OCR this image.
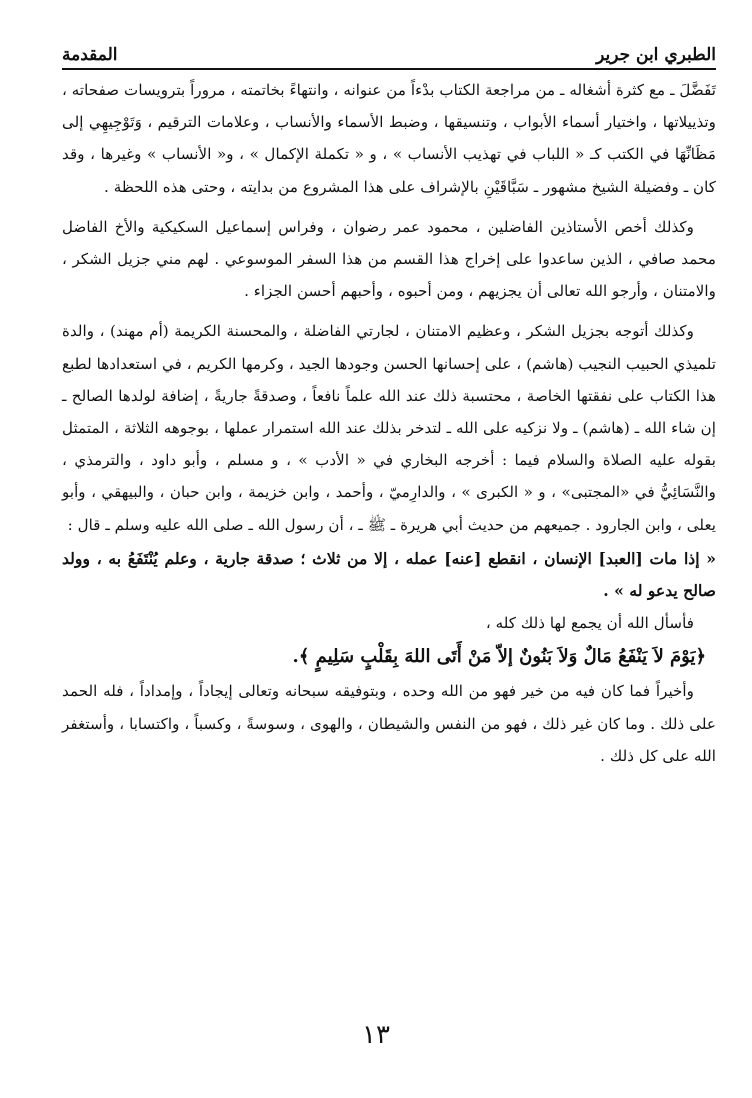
الطبري ابن جرير
المقدمة

تَفَضَّلَ ـ مع كثرة أشغاله ـ من مراجعة الكتاب بدْءاً من عنوانه ، وانتهاءً بخاتمته ، مروراً بترويسات صفحاته ، وتذييلاتها ، واختيار أسماء الأبواب ، وتنسيقها ، وضبط الأسماء والأنساب ، وعلامات الترقيم ، وَتَوْجِيهِي إلى مَظَانِّهَا في الكتب كـ « اللباب في تهذيب الأنساب » ، و « تكملة الإكمال » ، و« الأنساب » وغيرها ، وقد كان ـ وفضيلة الشيخ مشهور ـ سَبَّاقَيْنِ بالإشراف على هذا المشروع من بدايته ، وحتى هذه اللحظة .

وكذلك أخص الأستاذين الفاضلين ، محمود عمر رضوان ، وفراس إسماعيل السكيكية والأخ الفاضل محمد صافي ، الذين ساعدوا على إخراج هذا القسم من هذا السفر الموسوعي . لهم مني جزيل الشكر ، والامتنان ، وأرجو الله تعالى أن يجزيهم ، ومن أحبوه ، وأحبهم أحسن الجزاء .

وكذلك أتوجه بجزيل الشكر ، وعظيم الامتنان ، لجارتي الفاضلة ، والمحسنة الكريمة (أم مهند) ، والدة تلميذي الحبيب النجيب (هاشم) ، على إحسانها الحسن وجودها الجيد ، وكرمها الكريم ، في استعدادها لطبع هذا الكتاب على نفقتها الخاصة ، محتسبة ذلك عند الله علماً نافعاً ، وصدقةً جاريةً ، إضافة لولدها الصالح ـ إن شاء الله ـ (هاشم) ـ ولا نزكيه على الله ـ لتدخر بذلك عند الله استمرار عملها ، بوجوهه الثلاثة ، المتمثل بقوله عليه الصلاة والسلام فيما : أخرجه البخاري في « الأدب » ، و مسلم ، وأبو داود ، والترمذي ، والنَّسَائِيُّ في «المجتبى» ، و « الكبرى » ، والدارِميّ ، وأحمد ، وابن خزيمة ، وابن حبان ، والبيهقي ، وأبو يعلى ، وابن الجارود . جميعهم من حديث أبي هريرة ـ ﷺ ـ ، أن رسول الله ـ صلى الله عليه وسلم ـ قال :

« إذا مات [العبد] الإنسان ، انقطع [عنه] عمله ، إلا من ثلاث ؛ صدقة جارية ، وعلم يُنْتَفَعُ به ، وولد صالح يدعو له » .

فأسأل الله أن يجمع لها ذلك كله ،

﴿يَوْمَ لاَ يَنْفَعُ مَالٌ وَلاَ بَنُونٌ إلاّ مَنْ أَتَى اللهَ بِقَلْبٍ سَلِيمٍ ﴾.

وأخيراً فما كان فيه من خير فهو من الله وحده ، وبتوفيقه سبحانه وتعالى إيجاداً ، وإمداداً ، فله الحمد على ذلك . وما كان غير ذلك ، فهو من النفس والشيطان ، والهوى ، وسوسةً ، وكسباً ، واكتسابا ، وأستغفر الله على كل ذلك .

١٣
